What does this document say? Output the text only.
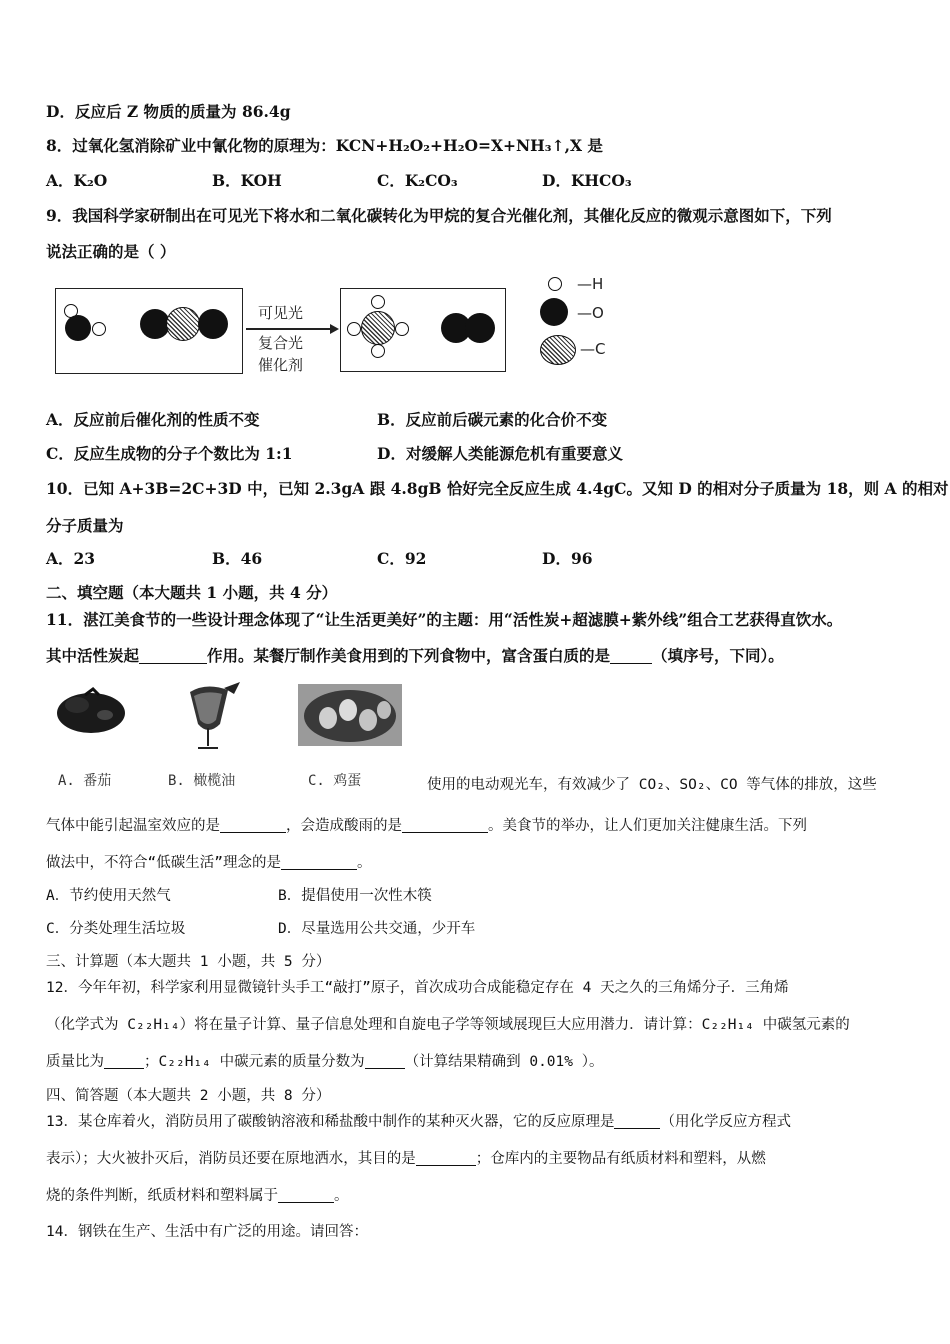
D．反应后 Z 物质的质量为 86.4g
8．过氧化氢消除矿业中氰化物的原理为：KCN+H₂O₂+H₂O=X+NH₃↑,X 是
A．K₂O	B．KOH	C．K₂CO₃	D．KHCO₃
9．我国科学家研制出在可见光下将水和二氧化碳转化为甲烷的复合光催化剂，其催化反应的微观示意图如下，下列
说法正确的是（ ）
可见光
复合光
催化剂
—H
—O
—C
A．反应前后催化剂的性质不变	B．反应前后碳元素的化合价不变
C．反应生成物的分子个数比为 1:1	D．对缓解人类能源危机有重要意义
10．已知 A+3B=2C+3D 中，已知 2.3gA 跟 4.8gB 恰好完全反应生成 4.4gC。又知 D 的相对分子质量为 18，则 A 的相对
分子质量为
A．23	B．46	C．92	D．96
二、填空题（本大题共 1 小题，共 4 分）
11．湛江美食节的一些设计理念体现了“让生活更美好”的主题：用“活性炭+超滤膜+紫外线”组合工艺获得直饮水。
其中活性炭起	作用。某餐厅制作美食用到的下列食物中，富含蛋白质的是	（填序号，下同）。
A. 番茄	B. 橄榄油	C. 鸡蛋	使用的电动观光车，有效减少了 CO₂、SO₂、CO 等气体的排放，这些
气体中能引起温室效应的是	，会造成酸雨的是	。美食节的举办，让人们更加关注健康生活。下列
做法中，不符合“低碳生活”理念的是	。
A．节约使用天然气	B．提倡使用一次性木筷
C．分类处理生活垃圾	D．尽量选用公共交通，少开车
三、计算题（本大题共 1 小题，共 5 分）
12．今年年初，科学家利用显微镜针头手工“敲打”原子，首次成功合成能稳定存在 4 天之久的三角烯分子．三角烯
（化学式为 C₂₂H₁₄）将在量子计算、量子信息处理和自旋电子学等领域展现巨大应用潜力．请计算：C₂₂H₁₄ 中碳氢元素的
质量比为	；C₂₂H₁₄ 中碳元素的质量分数为	（计算结果精确到 0.01% ）。
四、简答题（本大题共 2 小题，共 8 分）
13．某仓库着火，消防员用了碳酸钠溶液和稀盐酸中制作的某种灭火器，它的反应原理是	（用化学反应方程式
表示）；大火被扑灭后，消防员还要在原地洒水，其目的是	；仓库内的主要物品有纸质材料和塑料，从燃
烧的条件判断，纸质材料和塑料属于	。
14．钢铁在生产、生活中有广泛的用途。请回答：
